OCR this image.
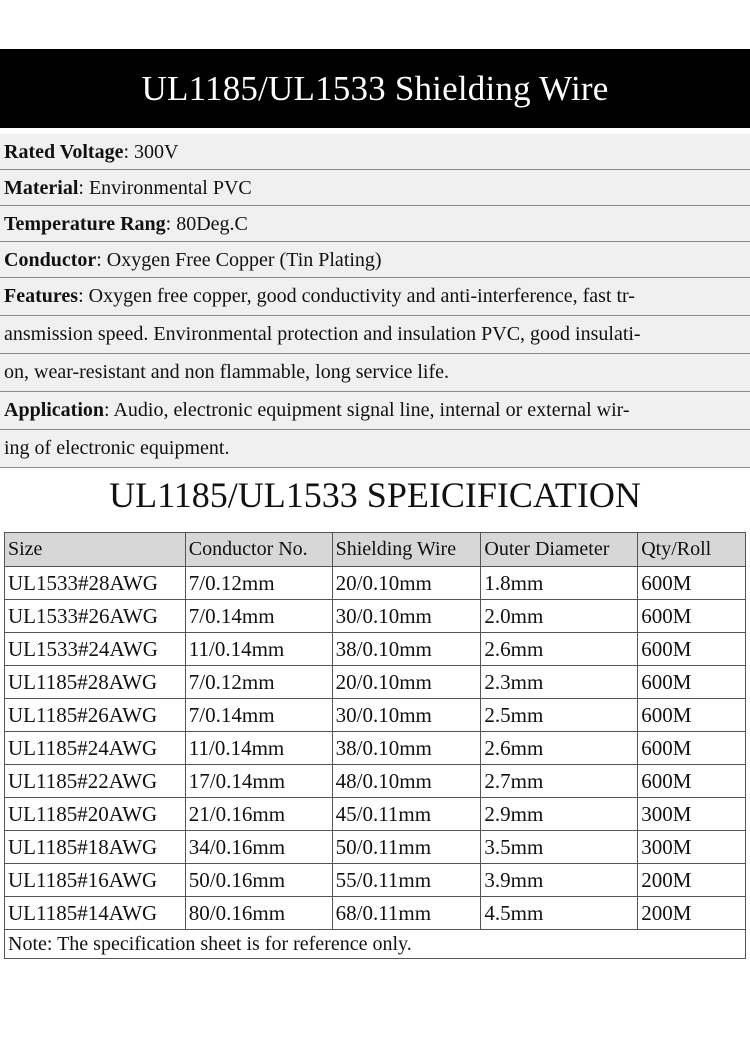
UL1185/UL1533 Shielding Wire
Rated Voltage: 300V
Material: Environmental PVC
Temperature Rang: 80Deg.C
Conductor: Oxygen Free Copper (Tin Plating)
Features: Oxygen free copper, good conductivity and anti-interference, fast tr-
ansmission speed. Environmental protection and insulation PVC, good insulati-
on, wear-resistant and non flammable, long service life.
Application: Audio, electronic equipment signal line, internal or external wir-
ing of electronic equipment.
UL1185/UL1533 SPEICIFICATION
Size	Conductor No.	Shielding Wire	Outer Diameter	Qty/Roll
UL1533#28AWG	7/0.12mm	20/0.10mm	1.8mm	600M
UL1533#26AWG	7/0.14mm	30/0.10mm	2.0mm	600M
UL1533#24AWG	11/0.14mm	38/0.10mm	2.6mm	600M
UL1185#28AWG	7/0.12mm	20/0.10mm	2.3mm	600M
UL1185#26AWG	7/0.14mm	30/0.10mm	2.5mm	600M
UL1185#24AWG	11/0.14mm	38/0.10mm	2.6mm	600M
UL1185#22AWG	17/0.14mm	48/0.10mm	2.7mm	600M
UL1185#20AWG	21/0.16mm	45/0.11mm	2.9mm	300M
UL1185#18AWG	34/0.16mm	50/0.11mm	3.5mm	300M
UL1185#16AWG	50/0.16mm	55/0.11mm	3.9mm	200M
UL1185#14AWG	80/0.16mm	68/0.11mm	4.5mm	200M
Note: The specification sheet is for reference only.				
